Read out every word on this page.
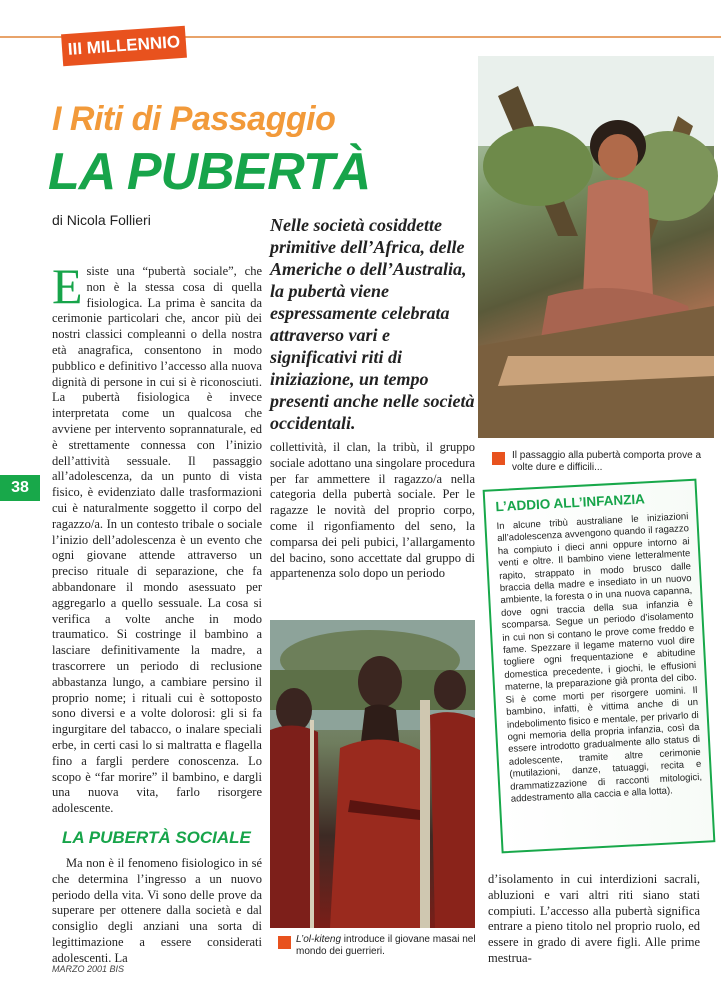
III MILLENNIO
I Riti di Passaggio
LA PUBERTÀ
di Nicola Follieri	Nelle società cosiddette primitive dell’Africa, delle Americhe o dell’Australia, la pubertà viene espressamente celebrata attraverso vari e significativi riti di iniziazione, un tempo presenti anche nelle società occidentali.
Il passaggio alla pubertà comporta prove a volte dure e difficili...
38

Esiste una “pubertà sociale”, che non è la stessa cosa di quella fisiologica. La prima è sancita da cerimonie particolari che, ancor più dei nostri classici compleanni o della nostra età anagrafica, consentono in modo pubblico e definitivo l’accesso alla nuova dignità di persone in cui si è riconosciuti. La pubertà fisiologica è invece interpretata come un qualcosa che avviene per intervento soprannaturale, ed è strettamente connessa con l’inizio dell’attività sessuale. Il passaggio all’adolescenza, da un punto di vista fisico, è evidenziato dalle trasformazioni cui è naturalmente soggetto il corpo del ragazzo/a. In un contesto tribale o sociale l’inizio dell’adolescenza è un evento che ogni giovane attende attraverso un preciso rituale di separazione, che fa abbandonare il mondo asessuato per aggregarlo a quello sessuale. La cosa si verifica a volte anche in modo traumatico. Si costringe il bambino a lasciare definitivamente la madre, a trascorrere un periodo di reclusione abbastanza lungo, a cambiare persino il proprio nome; i rituali cui è sottoposto sono diversi e a volte dolorosi: gli si fa ingurgitare del tabacco, o inalare speciali erbe, in certi casi lo si maltratta e flagella fino a fargli perdere conoscenza. Lo scopo è “far morire” il bambino, e dargli una nuova vita, farlo risorgere adolescente.

LA PUBERTÀ SOCIALE
Ma non è il fenomeno fisiologico in sé che determina l’ingresso a un nuovo periodo della vita. Vi sono delle prove da superare per ottenere dalla società e dal consiglio degli anziani una sorta di legittimazione a essere considerati adolescenti. La
collettività, il clan, la tribù, il gruppo sociale adottano una singolare procedura per far ammettere il ragazzo/a nella categoria della pubertà sociale. Per le ragazze le novità del proprio corpo, come il rigonfiamento del seno, la comparsa dei peli pubici, l’allargamento del bacino, sono accettate dal gruppo di appartenenza solo dopo un periodo
L’ol-kiteng introduce il giovane masai nel mondo dei guerrieri.
L’ADDIO ALL’INFANZIA
In alcune tribù australiane le iniziazioni all’adolescenza avvengono quando il ragazzo ha compiuto i dieci anni oppure intorno ai venti e oltre. Il bambino viene letteralmente rapito, strappato in modo brusco dalle braccia della madre e insediato in un nuovo ambiente, la foresta o in una nuova capanna, dove ogni traccia della sua infanzia è scomparsa. Segue un periodo d’isolamento in cui non si contano le prove come freddo e fame. Spezzare il legame materno vuol dire togliere ogni frequentazione e abitudine domestica precedente, i giochi, le effusioni materne, la preparazione già pronta del cibo. Si è come morti per risorgere uomini. Il bambino, infatti, è vittima anche di un indebolimento fisico e mentale, per privarlo di ogni memoria della propria infanzia, così da essere introdotto gradualmente allo status di adolescente, tramite altre cerimonie (mutilazioni, danze, tatuaggi, recita e drammatizzazione di racconti mitologici, addestramento alla caccia e alla lotta).
d’isolamento in cui interdizioni sacrali, abluzioni e vari altri riti siano stati compiuti. L’accesso alla pubertà significa entrare a pieno titolo nel proprio ruolo, ed essere in grado di avere figli. Alle prime mestrua-
MARZO 2001 BIS
